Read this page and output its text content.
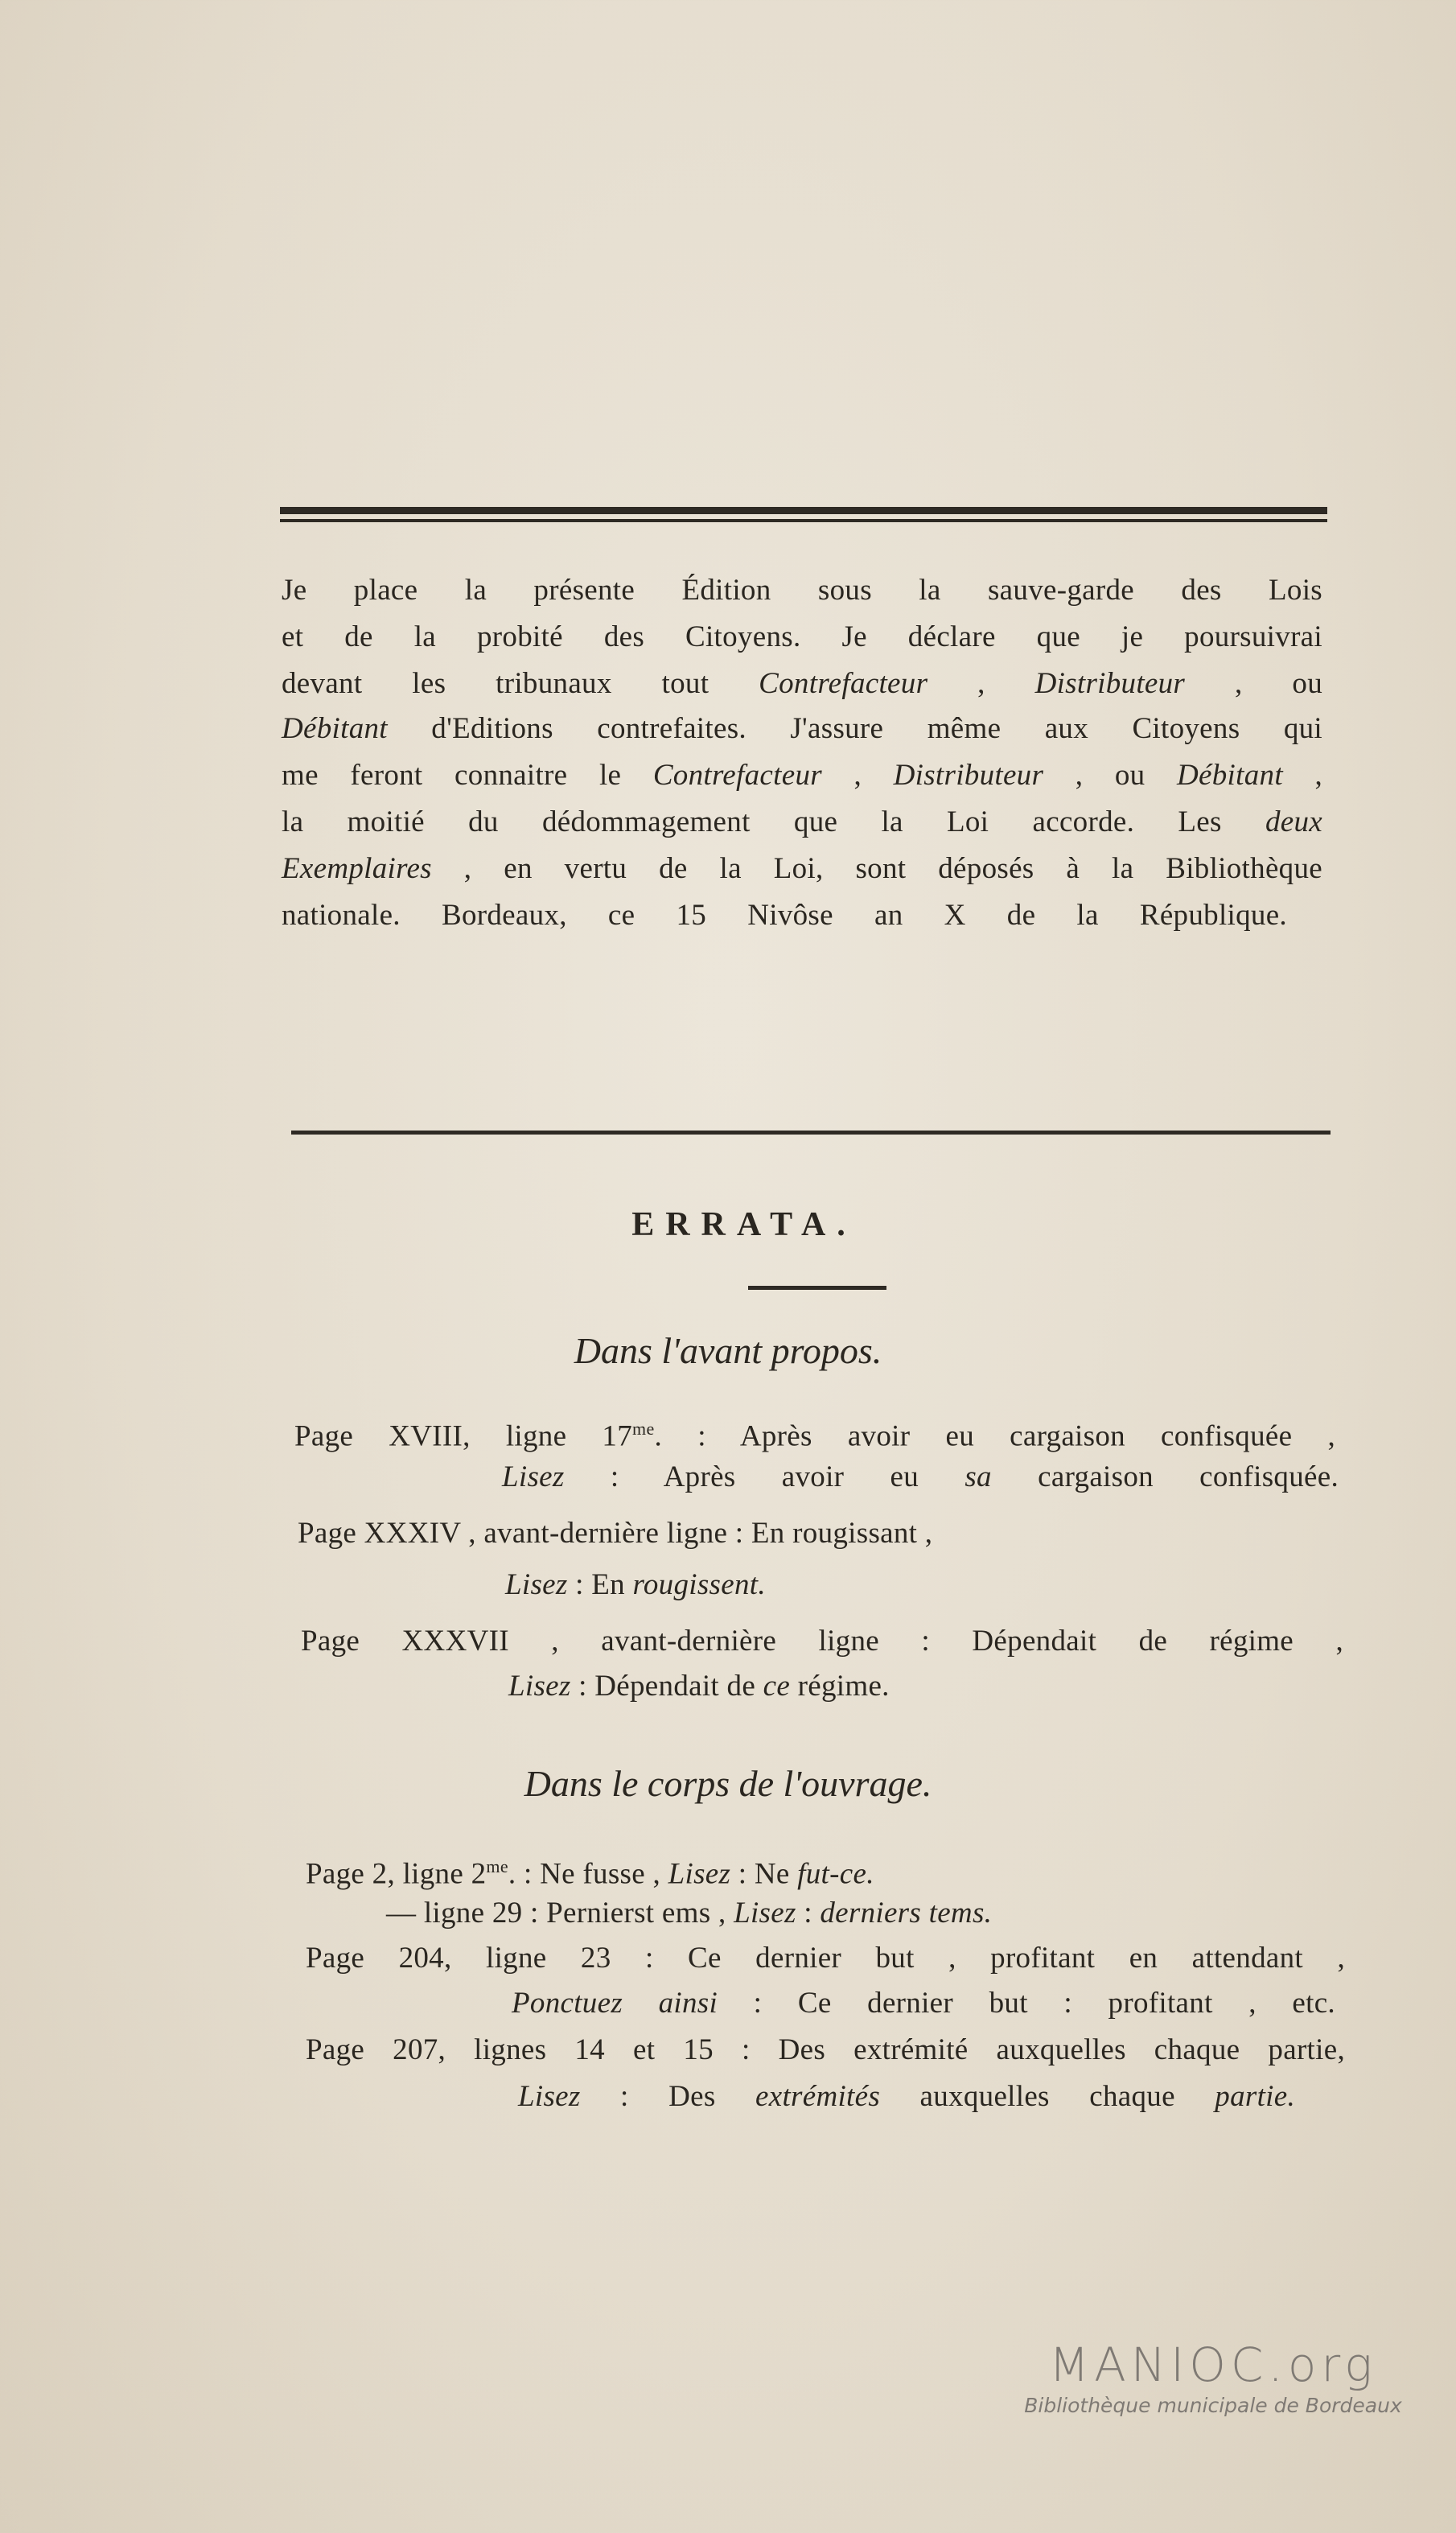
Je place la présente Édition sous la sauve-garde des Lois
et de la probité des Citoyens. Je déclare que je poursuivrai
devant les tribunaux tout Contrefacteur , Distributeur , ou
Débitant d'Editions contrefaites. J'assure même aux Citoyens qui
me feront connaitre le Contrefacteur , Distributeur , ou Débitant ,
la moitié du dédommagement que la Loi accorde. Les deux
Exemplaires , en vertu de la Loi, sont déposés à la Bibliothèque
nationale. Bordeaux, ce 15 Nivôse an X de la République.
ERRATA.
Dans l'avant propos.
Page XVIII, ligne $17^{me}$. : Après avoir eu cargaison confisquée ,
Lisez : Après avoir eu sa cargaison confisquée.
Page XXXIV , avant-dernière ligne : En rougissant ,
Lisez : En rougissent.
Page XXXVII , avant-dernière ligne : Dépendait de régime ,
Lisez : Dépendait de ce régime.
Dans le corps de l'ouvrage.
Page 2, ligne $2^{me}$. : Ne fusse , Lisez : Ne fut-ce.
— ligne 29 : Pernierst ems , Lisez : derniers tems.
Page 204, ligne 23 : Ce dernier but , profitant en attendant ,
Ponctuez ainsi : Ce dernier but : profitant , etc.
Page 207, lignes 14 et 15 : Des extrémité auxquelles chaque partie,
Lisez : Des extrémités auxquelles chaque partie.
MANIOC.org
Bibliothèque municipale de Bordeaux
